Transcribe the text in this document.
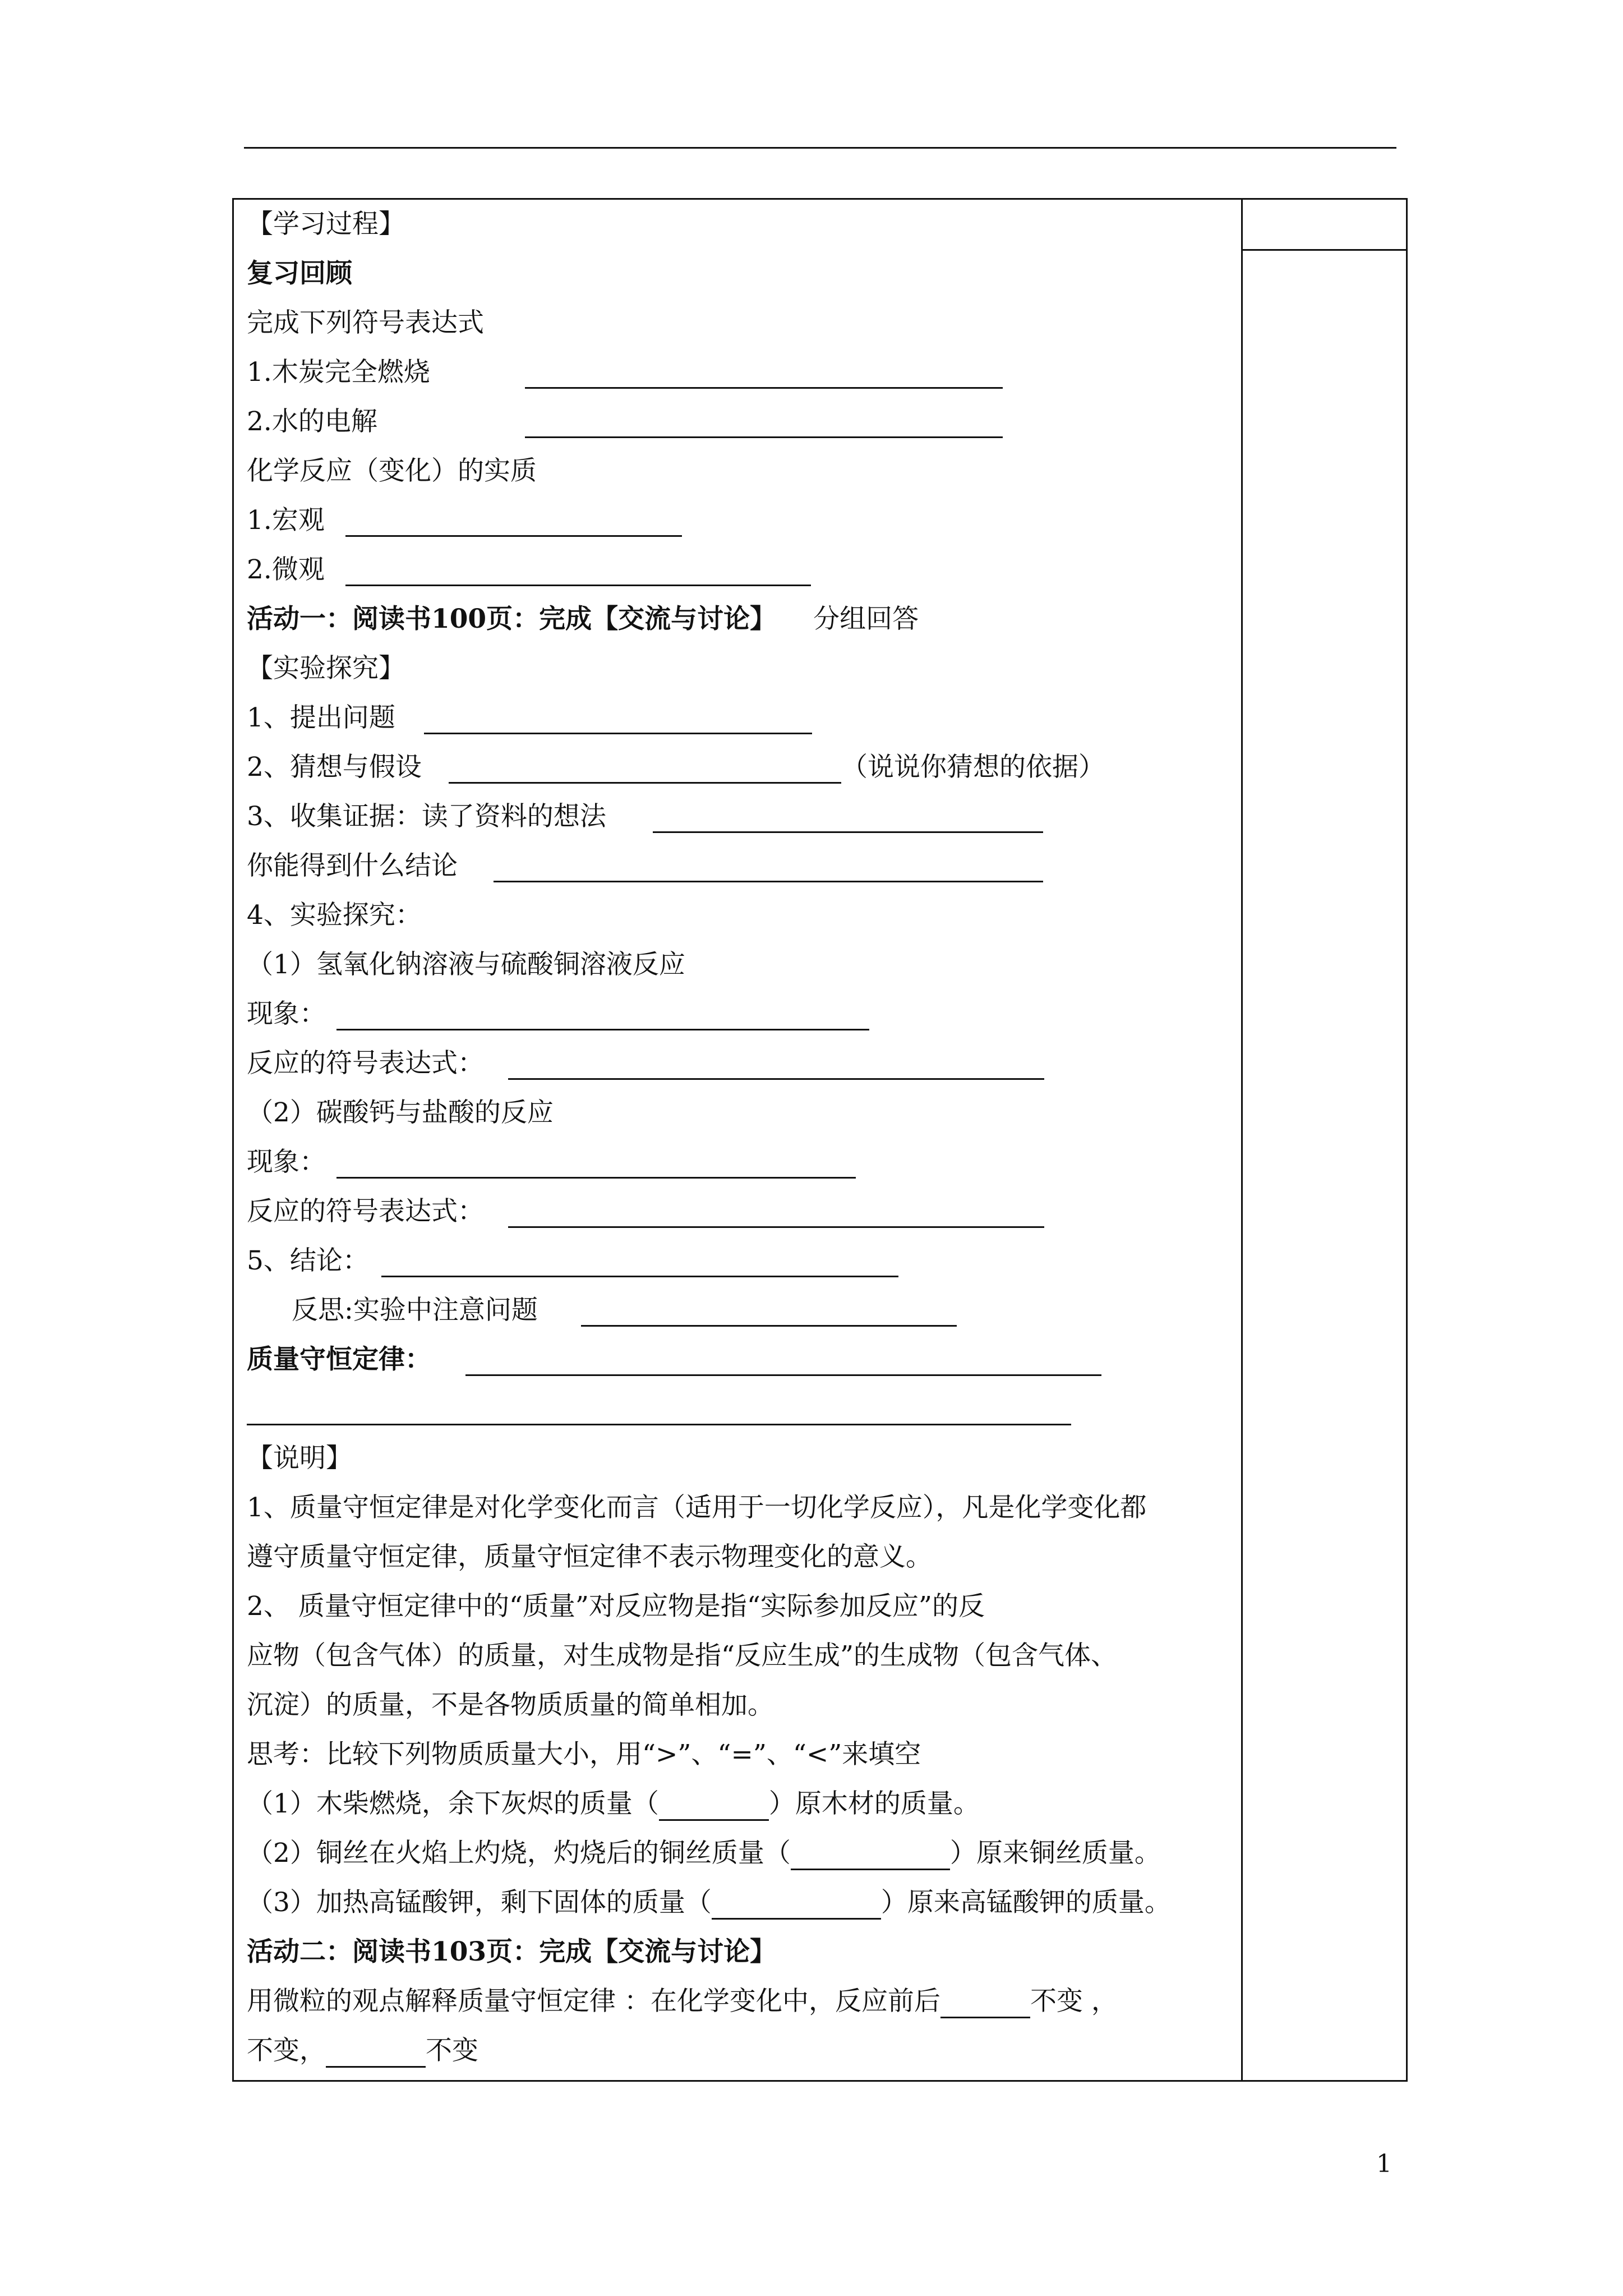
【学习过程】
复习回顾
完成下列符号表达式
1.木炭完全燃烧
2.水的电解
化学反应（变化）的实质
1.宏观
2.微观
活动一：阅读书100页：完成【交流与讨论】 分组回答
【实验探究】
1、提出问题
2、猜想与假设	（说说你猜想的依据）
3、收集证据：读了资料的想法
你能得到什么结论
4、实验探究：
（1）氢氧化钠溶液与硫酸铜溶液反应
现象：
反应的符号表达式：
（2）碳酸钙与盐酸的反应
现象：
反应的符号表达式：
5、结论：
反思:实验中注意问题
质量守恒定律：
【说明】
1、质量守恒定律是对化学变化而言（适用于一切化学反应），凡是化学变化都
遵守质量守恒定律，质量守恒定律不表示物理变化的意义。
2、 质量守恒定律中的“质量”对反应物是指“实际参加反应”的反
应物（包含气体）的质量，对生成物是指“反应生成”的生成物（包含气体、
沉淀）的质量，不是各物质质量的简单相加。
思考：比较下列物质质量大小，用“>”、“=”、“<”来填空
（1）木柴燃烧，余下灰烬的质量（	）原木材的质量。
（2）铜丝在火焰上灼烧，灼烧后的铜丝质量（	）原来铜丝质量。
（3）加热高锰酸钾，剩下固体的质量（	）原来高锰酸钾的质量。
活动二：阅读书103页：完成【交流与讨论】
用微粒的观点解释质量守恒定律 ：在化学变化中，反应前后	不变 ，
不变，	不变
1
